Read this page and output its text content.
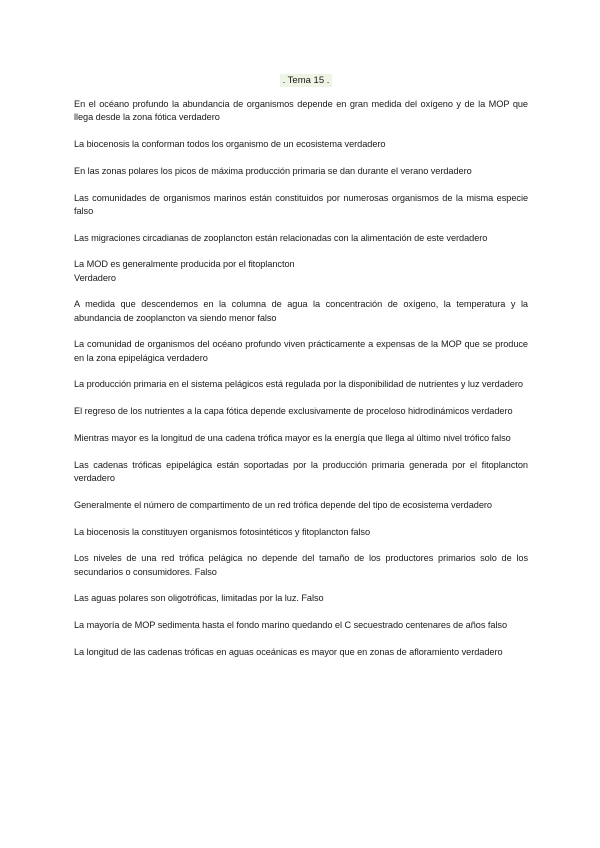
. Tema 15 .

En el océano profundo la abundancia de organismos depende en gran medida del oxígeno y de la MOP que llega desde la zona fótica verdadero

La biocenosis la conforman todos los organismo de un ecosistema verdadero

En las zonas polares los picos de máxima producción primaria se dan durante el verano verdadero

Las comunidades de organismos marinos están constituidos por numerosas organismos de la misma especie falso

Las migraciones circadianas de zooplancton están relacionadas con la alimentación de este verdadero

La MOD es generalmente producida por el fitoplancton
Verdadero

A medida que descendemos en la columna de agua la concentración de oxígeno, la temperatura y la abundancia de zooplancton va siendo menor falso

La comunidad de organismos del océano profundo viven prácticamente a expensas de la MOP que se produce en la zona epipelágica verdadero

La producción primaria en el sistema pelágicos está regulada por la disponibilidad de nutrientes y luz verdadero

El regreso de los nutrientes a la capa fótica depende exclusivamente de proceloso hidrodinámicos verdadero

Mientras mayor es la longitud de una cadena trófica mayor es la energía que llega al último nivel trófico falso

Las cadenas tróficas epipelágica están soportadas por la producción primaria generada por el fitoplancton verdadero

Generalmente el número de compartimento de un red trófica depende del tipo de ecosistema verdadero

La biocenosis la constituyen organismos fotosintéticos y fitoplancton falso

Los niveles de una red trófica pelágica no depende del tamaño de los productores primarios solo de los secundarios o consumidores. Falso

Las aguas polares son oligotróficas, limitadas por la luz. Falso

La mayoría de MOP sedimenta hasta el fondo marino quedando el C secuestrado centenares de años falso

La longitud de las cadenas tróficas en aguas oceánicas es mayor que en zonas de afloramiento verdadero
